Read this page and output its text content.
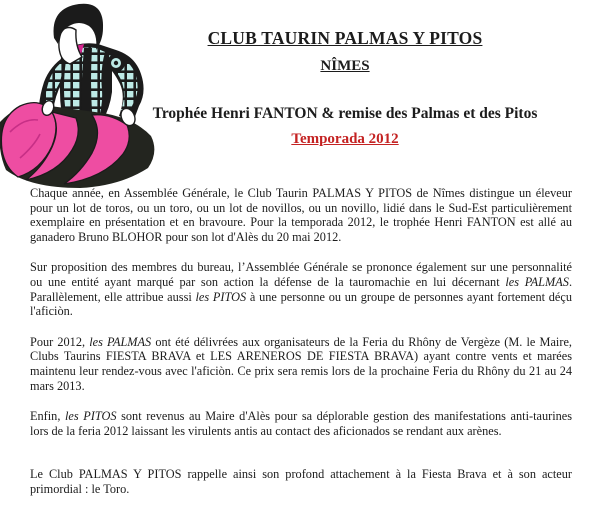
CLUB TAURIN PALMAS Y PITOS
NÎMES
Trophée Henri FANTON & remise des Palmas et des Pitos
Temporada 2012

Chaque année, en Assemblée Générale, le Club Taurin PALMAS Y PITOS de Nîmes distingue un éleveur pour un lot de toros, ou un toro, ou un lot de novillos, ou un novillo, lidié dans le Sud-Est particulièrement exemplaire en présentation et en bravoure. Pour la temporada 2012, le trophée Henri FANTON est allé au ganadero Bruno BLOHOR pour son lot d'Alès du 20 mai 2012.

Sur proposition des membres du bureau, l’Assemblée Générale se prononce également sur une personnalité ou une entité ayant marqué par son action la défense de la tauromachie en lui décernant les PALMAS. Parallèlement, elle attribue aussi les PITOS à une personne ou un groupe de personnes ayant fortement déçu l'aficiòn.

Pour 2012, les PALMAS ont été délivrées aux organisateurs de la Feria du Rhôny de Vergèze (M. le Maire, Clubs Taurins FIESTA BRAVA et LES ARENEROS DE FIESTA BRAVA) ayant contre vents et marées maintenu leur rendez-vous avec l'aficiòn. Ce prix sera remis lors de la prochaine Feria du Rhôny du 21 au 24 mars 2013.

Enfin, les PITOS sont revenus au Maire d'Alès pour sa déplorable gestion des manifestations anti-taurines lors de la feria 2012 laissant les virulents antis au contact des aficionados se rendant aux arènes.

Le Club PALMAS Y PITOS rappelle ainsi son profond attachement à la Fiesta Brava et à son acteur primordial : le Toro.
